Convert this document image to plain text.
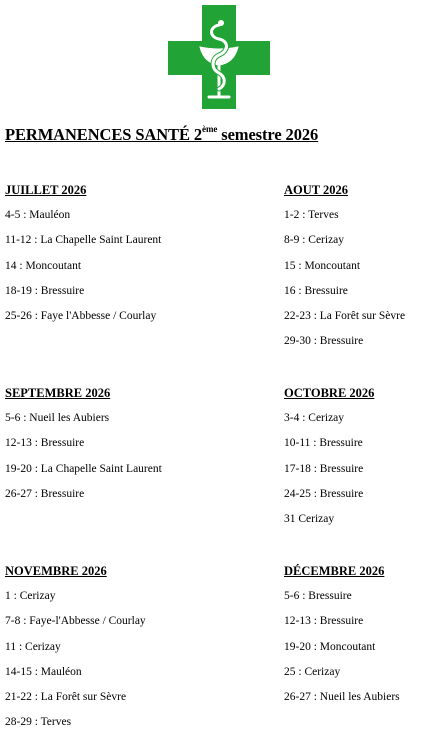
PERMANENCES SANTÉ 2ème semestre 2026
JUILLET 2026
4-5 : Mauléon
11-12 : La Chapelle Saint Laurent
14 : Moncoutant
18-19 : Bressuire
25-26 : Faye l'Abbesse / Courlay
AOUT 2026
1-2 : Terves
8-9 : Cerizay
15 : Moncoutant
16 : Bressuire
22-23 : La Forêt sur Sèvre
29-30 : Bressuire
SEPTEMBRE 2026
5-6 : Nueil les Aubiers
12-13 : Bressuire
19-20 : La Chapelle Saint Laurent
26-27 : Bressuire
OCTOBRE 2026
3-4 : Cerizay
10-11 : Bressuire
17-18 : Bressuire
24-25 : Bressuire
31 Cerizay
NOVEMBRE 2026
1 : Cerizay
7-8 : Faye-l'Abbesse / Courlay
11 : Cerizay
14-15 : Mauléon
21-22 : La Forêt sur Sèvre
28-29 : Terves
DÉCEMBRE 2026
5-6 : Bressuire
12-13 : Bressuire
19-20 : Moncoutant
25 : Cerizay
26-27 : Nueil les Aubiers
